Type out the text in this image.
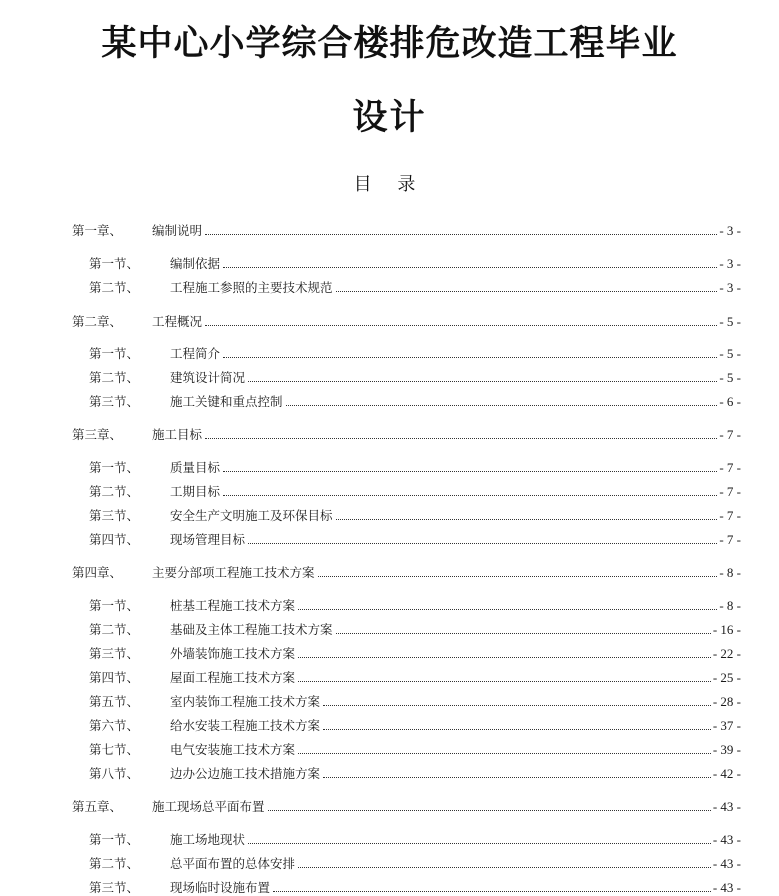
某中心小学综合楼排危改造工程毕业
设计
目 录
第一章、	编制说明	- 3 -
第一节、	编制依据	- 3 -
第二节、	工程施工参照的主要技术规范	- 3 -
第二章、	工程概况	- 5 -
第一节、	工程简介	- 5 -
第二节、	建筑设计简况	- 5 -
第三节、	施工关键和重点控制	- 6 -
第三章、	施工目标	- 7 -
第一节、	质量目标	- 7 -
第二节、	工期目标	- 7 -
第三节、	安全生产文明施工及环保目标	- 7 -
第四节、	现场管理目标	- 7 -
第四章、	主要分部项工程施工技术方案	- 8 -
第一节、	桩基工程施工技术方案	- 8 -
第二节、	基础及主体工程施工技术方案	- 16 -
第三节、	外墙装饰施工技术方案	- 22 -
第四节、	屋面工程施工技术方案	- 25 -
第五节、	室内装饰工程施工技术方案	- 28 -
第六节、	给水安装工程施工技术方案	- 37 -
第七节、	电气安装施工技术方案	- 39 -
第八节、	边办公边施工技术措施方案	- 42 -
第五章、	施工现场总平面布置	- 43 -
第一节、	施工场地现状	- 43 -
第二节、	总平面布置的总体安排	- 43 -
第三节、	现场临时设施布置	- 43 -
